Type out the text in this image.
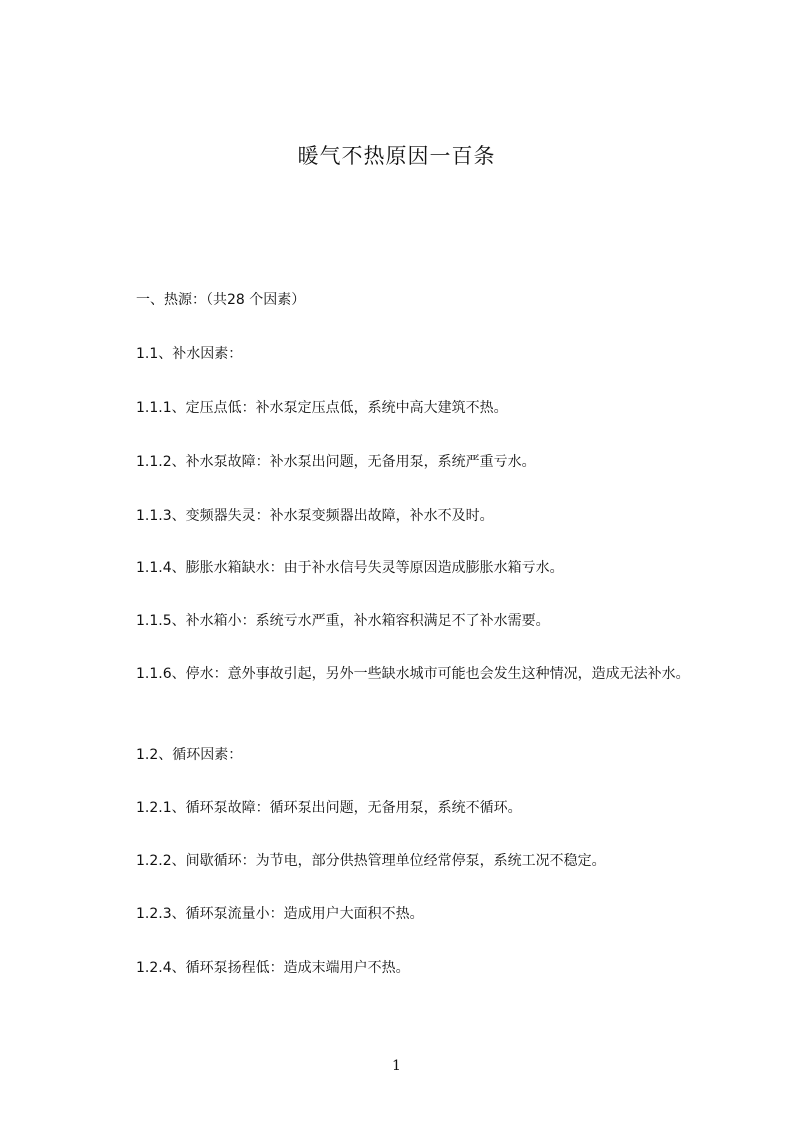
暖气不热原因一百条
一、热源：（共28 个因素）
1.1、补水因素：
1.1.1、定压点低：补水泵定压点低，系统中高大建筑不热。
1.1.2、补水泵故障：补水泵出问题，无备用泵，系统严重亏水。
1.1.3、变频器失灵：补水泵变频器出故障，补水不及时。
1.1.4、膨胀水箱缺水：由于补水信号失灵等原因造成膨胀水箱亏水。
1.1.5、补水箱小：系统亏水严重，补水箱容积满足不了补水需要。
1.1.6、停水：意外事故引起，另外一些缺水城市可能也会发生这种情况，造成无法补水。
1.2、循环因素：
1.2.1、循环泵故障：循环泵出问题，无备用泵，系统不循环。
1.2.2、间歇循环：为节电，部分供热管理单位经常停泵，系统工况不稳定。
1.2.3、循环泵流量小：造成用户大面积不热。
1.2.4、循环泵扬程低：造成末端用户不热。
1
